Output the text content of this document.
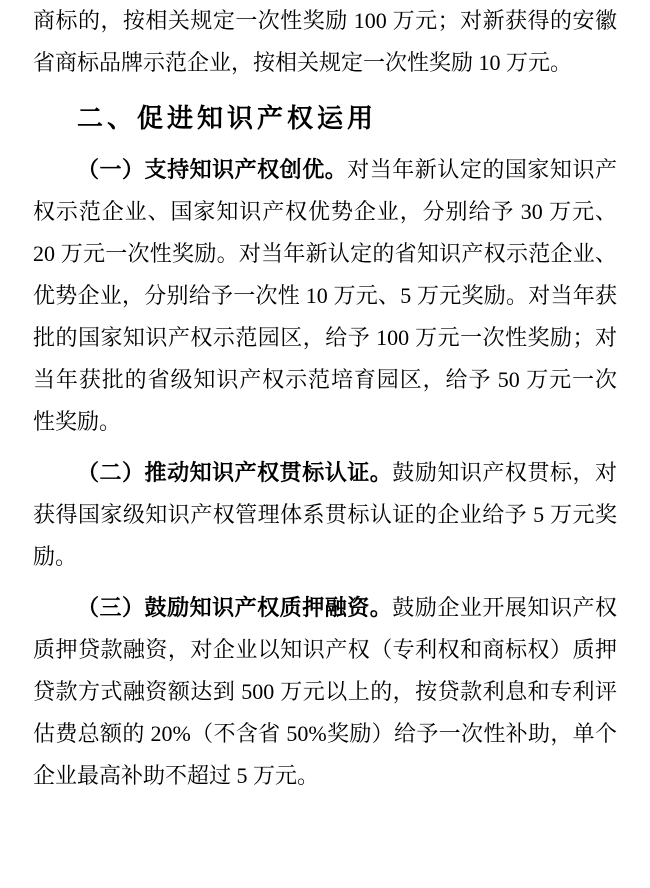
商标的，按相关规定一次性奖励 100 万元；对新获得的安徽
省商标品牌示范企业，按相关规定一次性奖励 10 万元。
二、促进知识产权运用
（一）支持知识产权创优。对当年新认定的国家知识产
权示范企业、国家知识产权优势企业，分别给予 30 万元、
20 万元一次性奖励。对当年新认定的省知识产权示范企业、
优势企业，分别给予一次性 10 万元、5 万元奖励。对当年获
批的国家知识产权示范园区，给予 100 万元一次性奖励；对
当年获批的省级知识产权示范培育园区，给予 50 万元一次
性奖励。
（二）推动知识产权贯标认证。鼓励知识产权贯标，对
获得国家级知识产权管理体系贯标认证的企业给予 5 万元奖
励。
（三）鼓励知识产权质押融资。鼓励企业开展知识产权
质押贷款融资，对企业以知识产权（专利权和商标权）质押
贷款方式融资额达到 500 万元以上的，按贷款利息和专利评
估费总额的 20%（不含省 50%奖励）给予一次性补助，单个
企业最高补助不超过 5 万元。
